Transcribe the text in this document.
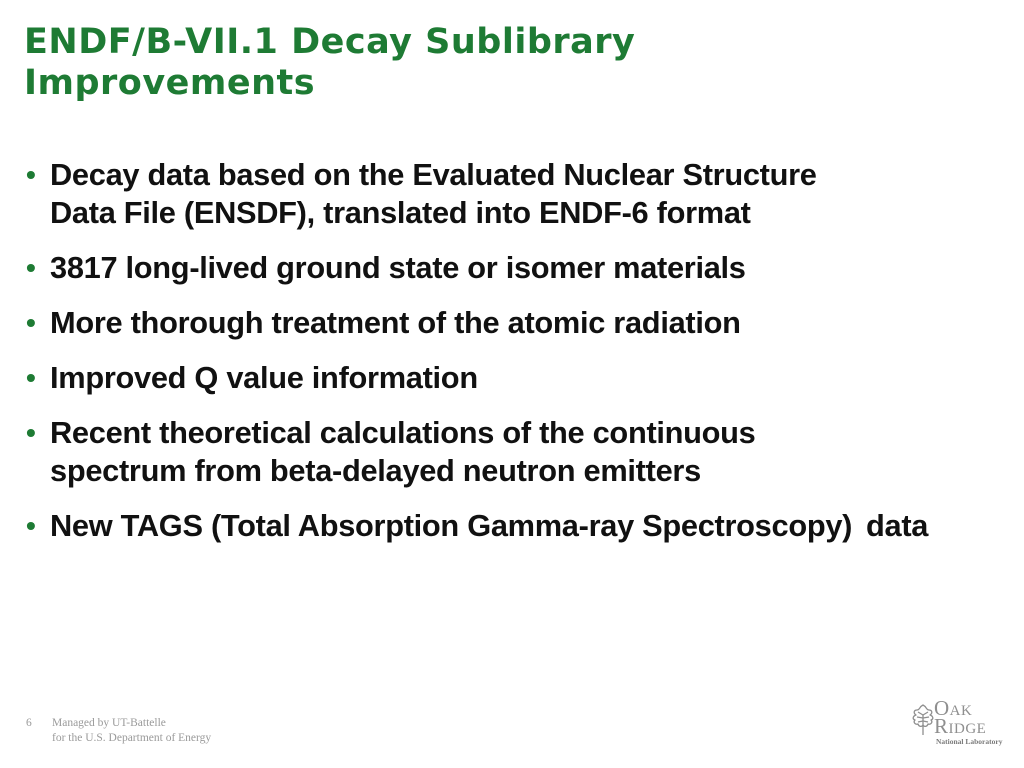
ENDF/B-VII.1 Decay Sublibrary
Improvements
• Decay data based on the Evaluated Nuclear Structure Data File (ENSDF), translated into ENDF-6 format
• 3817 long-lived ground state or isomer materials
• More thorough treatment of the atomic radiation
• Improved Q value information
• Recent theoretical calculations of the continuous spectrum from beta-delayed neutron emitters
• New TAGS (Total Absorption Gamma-ray Spectroscopy) data
6 Managed by UT-Battelle
for the U.S. Department of Energy
Oak
Ridge
National Laboratory
